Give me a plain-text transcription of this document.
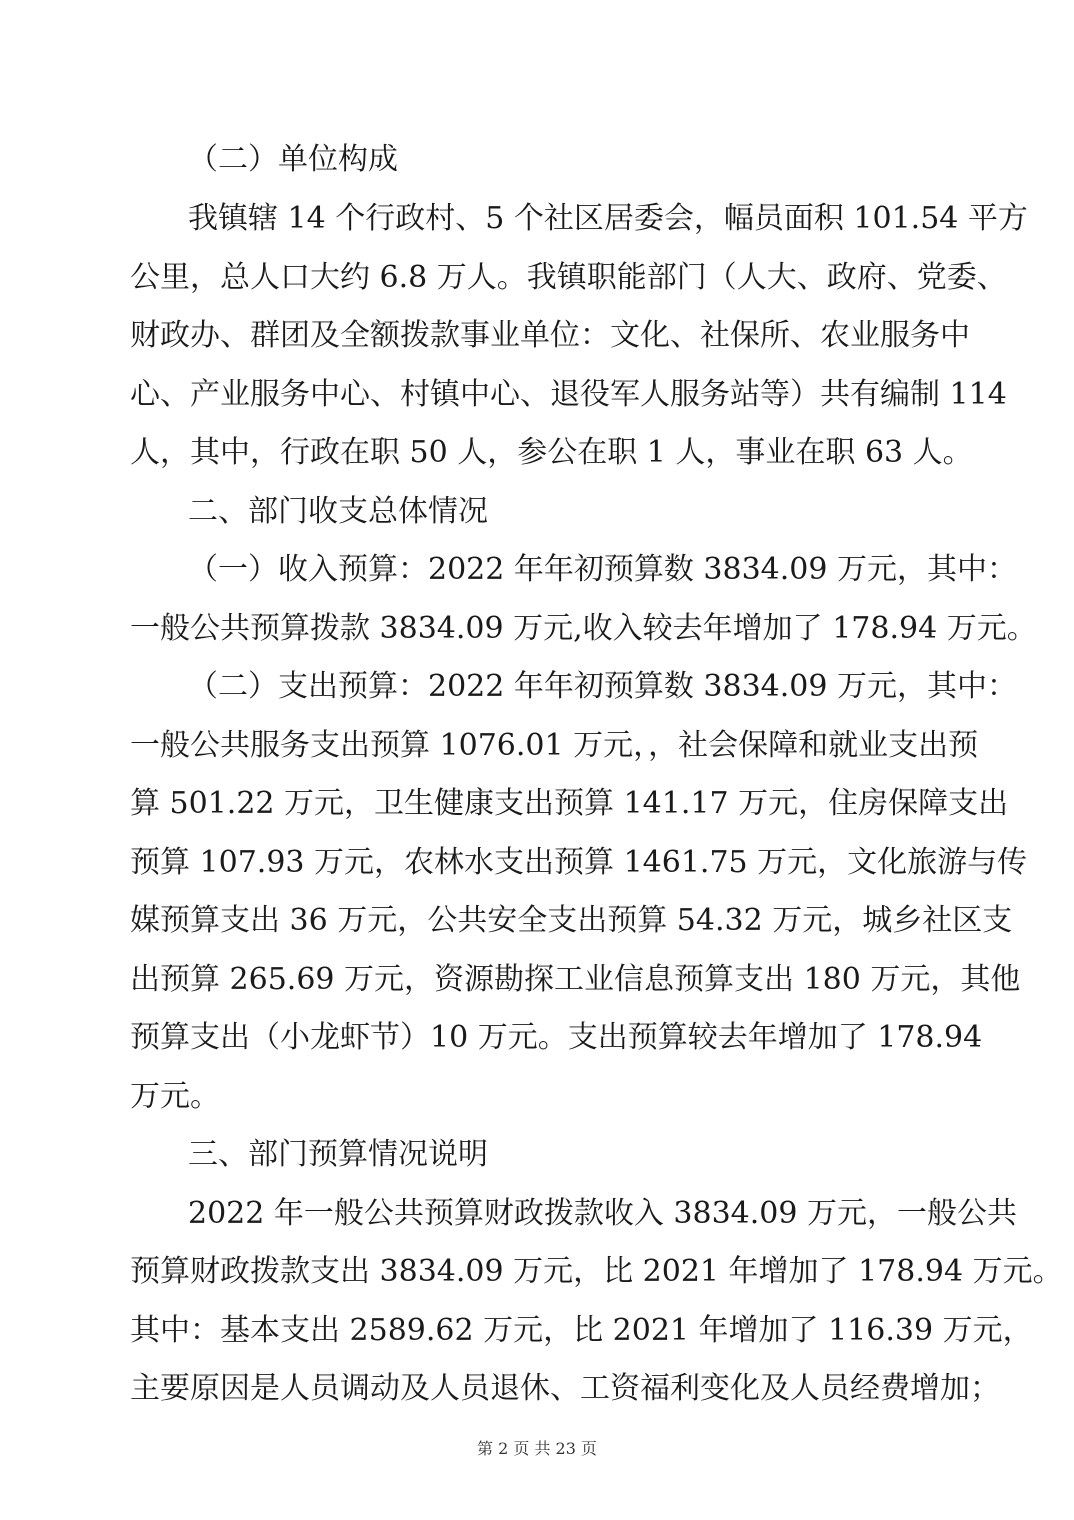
（二）单位构成
我镇辖 14 个行政村、5 个社区居委会，幅员面积 101.54 平方
公里，总人口大约 6.8 万人。我镇职能部门（人大、政府、党委、
财政办、群团及全额拨款事业单位：文化、社保所、农业服务中
心、产业服务中心、村镇中心、退役军人服务站等）共有编制 114
人，其中，行政在职 50 人，参公在职 1 人，事业在职 63 人。
二、部门收支总体情况
（一）收入预算：2022 年年初预算数 3834.09 万元，其中：
一般公共预算拨款 3834.09 万元,收入较去年增加了 178.94 万元。
（二）支出预算：2022 年年初预算数 3834.09 万元，其中：
一般公共服务支出预算 1076.01 万元，，社会保障和就业支出预
算 501.22 万元，卫生健康支出预算 141.17 万元，住房保障支出
预算 107.93 万元，农林水支出预算 1461.75 万元，文化旅游与传
媒预算支出 36 万元，公共安全支出预算 54.32 万元，城乡社区支
出预算 265.69 万元，资源勘探工业信息预算支出 180 万元，其他
预算支出（小龙虾节）10 万元。支出预算较去年增加了 178.94
万元。
三、部门预算情况说明
2022 年一般公共预算财政拨款收入 3834.09 万元，一般公共
预算财政拨款支出 3834.09 万元，比 2021 年增加了 178.94 万元。
其中：基本支出 2589.62 万元，比 2021 年增加了 116.39 万元，
主要原因是人员调动及人员退休、工资福利变化及人员经费增加；
第 2 页 共 23 页
